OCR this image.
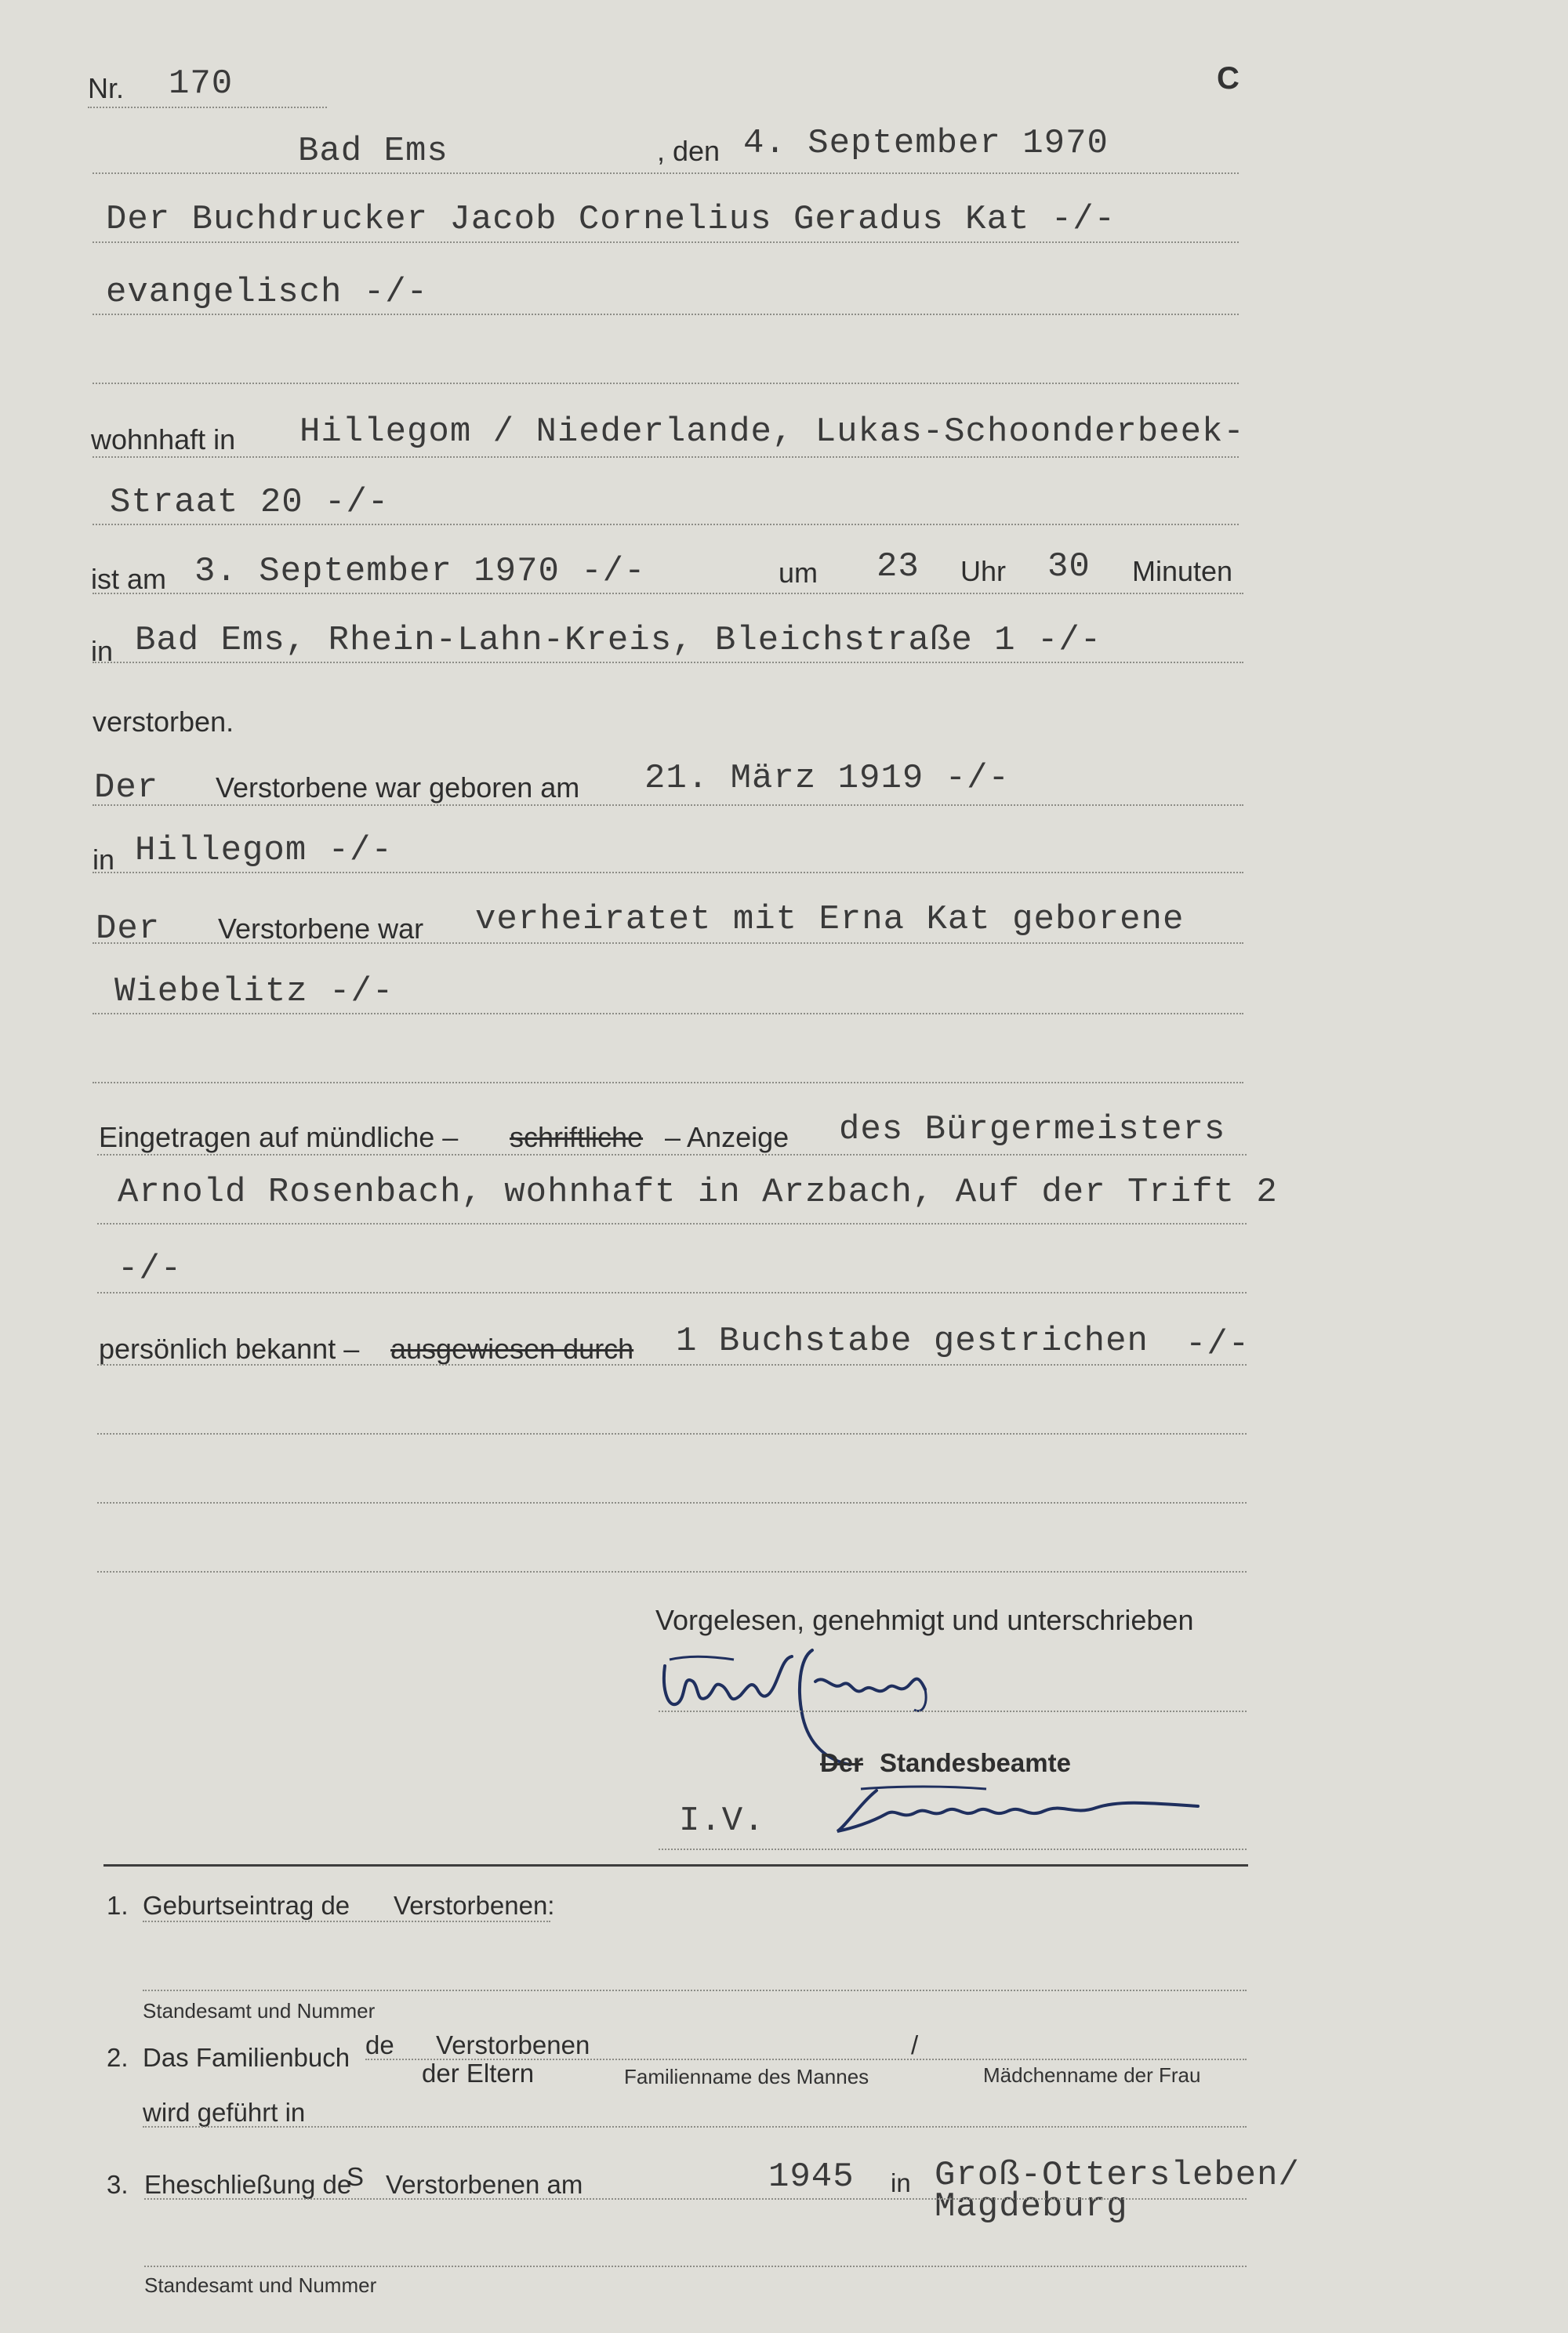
Nr. 170	C
Bad Ems	, den 4. September 1970
Der Buchdrucker Jacob Cornelius Geradus Kat -/-
evangelisch -/-
wohnhaft in Hillegom / Niederlande, Lukas-Schoonderbeek-
Straat 20 -/-
ist am 3. September 1970 -/-	um 23 Uhr 30 Minuten
in Bad Ems, Rhein-Lahn-Kreis, Bleichstraße 1 -/-
verstorben.
Der Verstorbene war geboren am 21. März 1919 -/-
in Hillegom -/-
Der Verstorbene war verheiratet mit Erna Kat geborene
Wiebelitz -/-
Eingetragen auf mündliche – schriftliche – Anzeige des Bürgermeisters
Arnold Rosenbach, wohnhaft in Arzbach, Auf der Trift 2
-/-
persönlich bekannt – ausgewiesen durch 1 Buchstabe gestrichen -/-
Vorgelesen, genehmigt und unterschrieben
Der Standesbeamte
I.V.
1. Geburtseintrag de Verstorbenen:
Standesamt und Nummer
2. Das Familienbuch de Verstorbenen	/
der Eltern	Familienname des Mannes	Mädchenname der Frau
wird geführt in
3. Eheschließung de
S Verstorbenen am	1945 in Groß-Ottersleben/
Magdeburg
Standesamt und Nummer
